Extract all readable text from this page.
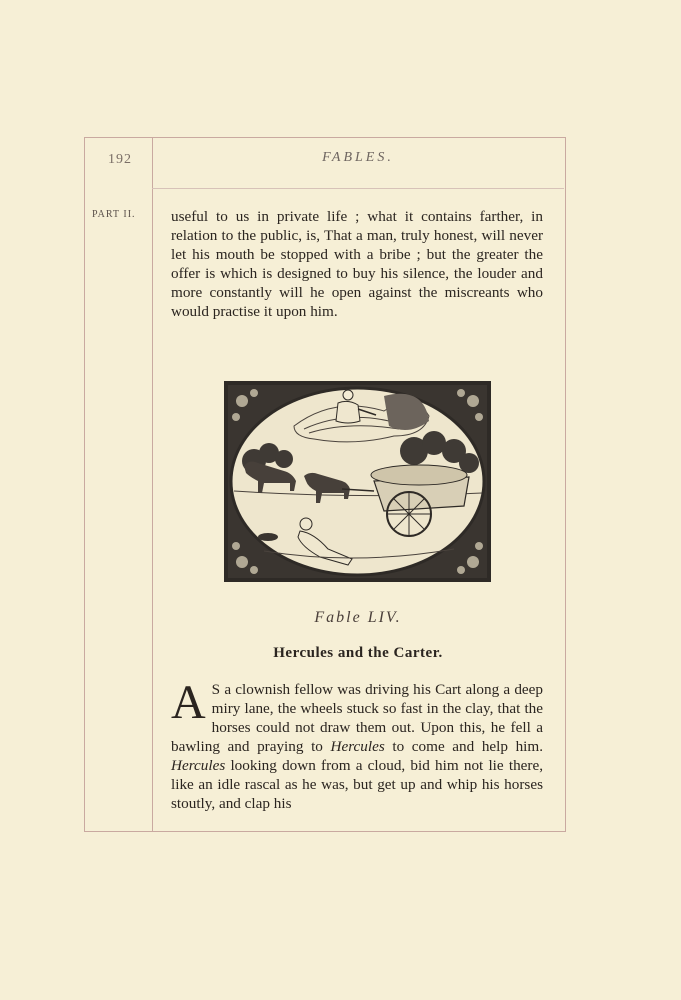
192	FABLES.
PART II. useful to us in private life ; what it contains farther, in relation to the public, is, That a man, truly honest, will never let his mouth be stopped with a bribe ; but the greater the offer is which is designed to buy his silence, the louder and more constantly will he open against the miscreants who would practise it upon him.

Fable LIV.
Hercules and the Carter.

A S a clownish fellow was driving his Cart along a deep miry lane, the wheels stuck so fast in the clay, that the horses could not draw them out. Upon this, he fell a bawling and praying to Hercules to come and help him. Hercules looking down from a cloud, bid him not lie there, like an idle rascal as he was, but get up and whip his horses stoutly, and clap his
